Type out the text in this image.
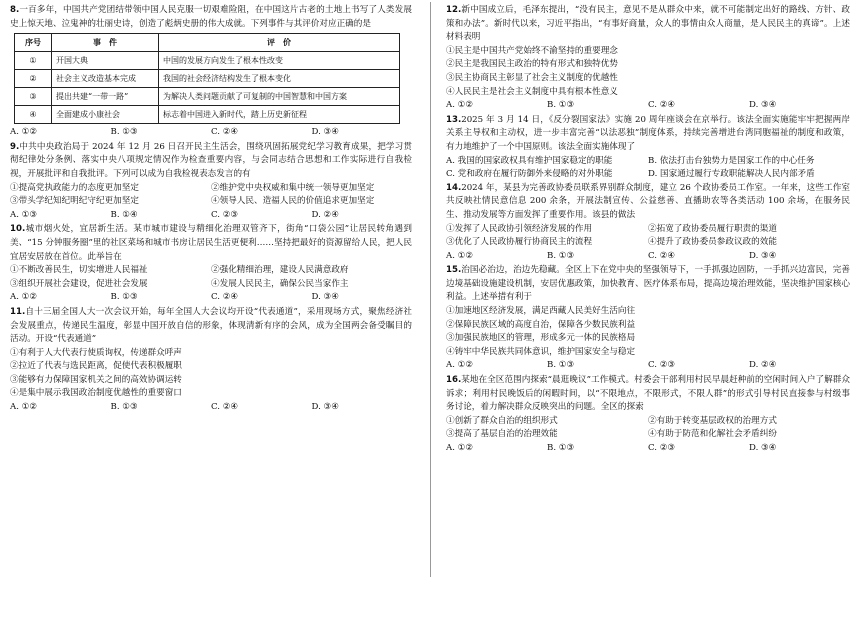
8.一百多年，中国共产党团结带领中国人民克服一切艰难险阻，在中国这片古老的土地上书写了人类发展史上惊天地、泣鬼神的壮丽史诗，创造了彪炳史册的伟大成就。下列事件与其评价对应正确的是

序号	事　件	评　价
①	开国大典	中国的发展方向发生了根本性改变
②	社会主义改造基本完成	我国的社会经济结构发生了根本变化
③	提出共建“一带一路”	为解决人类问题贡献了可复制的中国智慧和中国方案
④	全面建成小康社会	标志着中国进入新时代，踏上历史新征程
A. ①②	B. ①③	C. ②④	D. ③④

9.中共中央政治局于 2024 年 12 月 26 日召开民主生活会，围绕巩固拓展党纪学习教育成果，把学习贯彻纪律处分条例、落实中央八项规定情况作为检查重要内容，与会同志结合思想和工作实际进行自我检视，开展批评和自我批评。下列可以成为自我检视表态发言的有

①提高党执政能力的态度更加坚定	②维护党中央权威和集中统一领导更加坚定
③带头学纪知纪明纪守纪更加坚定	④领导人民、造福人民的价值追求更加坚定
A. ①③	B. ①④	C. ②③	D. ②④

10.城市烟火处，宜居新生活。某市城市建设与精细化治理双管齐下，街角“口袋公园”让居民转角遇到美、“15 分钟服务圈”里的社区菜场和城市书房让居民生活更便利……坚持把最好的资源留给人民，把人民宜居安居放在首位。此举旨在

①不断改善民生，切实增进人民福祉	②强化精细治理，建设人民满意政府
③组织开展社会建设，促进社会发展	④发展人民民主，确保公民当家作主
A. ①②	B. ①③	C. ②④	D. ③④

11.自十三届全国人大一次会议开始，每年全国人大会议均开设“代表通道”，采用现场方式，聚焦经济社会发展重点，传递民生温度，彰显中国开放自信的形象，体现清新有序的会风，成为全国两会备受瞩目的活动。开设“代表通道”

①有利于人大代表行使质询权，传递群众呼声

②拉近了代表与选民距离，促使代表积极履职

③能够有力保障国家机关之间的高效协调运转

④是集中展示我国政治制度优越性的重要窗口

A. ①②	B. ①③	C. ②④	D. ③④

12.新中国成立后，毛泽东提出，“没有民主，意见不是从群众中来，就不可能制定出好的路线、方针、政策和办法”。新时代以来，习近平指出，“有事好商量，众人的事情由众人商量，是人民民主的真谛”。上述材料表明

①民主是中国共产党始终不渝坚持的重要理念

②民主是我国民主政治的特有形式和独特优势

③民主协商民主彰显了社会主义制度的优越性

④人民民主是社会主义制度中具有根本性意义

A. ①②	B. ①③	C. ②④	D. ③④

13.2025 年 3 月 14 日，《反分裂国家法》实施 20 周年座谈会在京举行。该法全面实施能牢牢把握两岸关系主导权和主动权，进一步丰富完善“以法恶独”制度体系，持续完善增进台湾同胞福祉的制度和政策，有力地维护了一个中国原则。该法全面实施体现了

A. 我国的国家政权具有维护国家稳定的职能	B. 依法打击台独势力是国家工作的中心任务
C. 党和政府在履行防御外来侵略的对外职能	D. 国家通过履行专政职能解决人民内部矛盾

14.2024 年，某县为完善政协委员联系界别群众制度，建立 26 个政协委员工作室。一年来，这些工作室共反映社情民意信息 200 余条，开展法制宣传、公益慈善、直播助农等各类活动 100 余场，在服务民生、推动发展等方面发挥了重要作用。该县的做法

①发挥了人民政协引领经济发展的作用	②拓宽了政协委员履行职责的渠道
③优化了人民政协履行协商民主的流程	④提升了政协委员参政议政的效能
A. ①②	B. ①③	C. ②④	D. ③④

15.治国必治边，治边先稳藏。全区上下在党中央的坚强领导下，一手抓强边固防，一手抓兴边富民，完善边境基础设施建设机制，安居优惠政策，加快教育、医疗体系布局，提高边境治理效能，坚决维护国家核心利益。上述举措有利于

①加速地区经济发展，满足西藏人民美好生活向往

②保障民族区域的高度自治，保障各少数民族利益

③加强民族地区的管理，形成多元一体的民族格局

④铸牢中华民族共同体意识，维护国家安全与稳定

A. ①②	B. ①③	C. ②③	D. ②④

16.某地在全区范围内探索“晨逛晚议”工作模式。村委会干部利用村民早晨赶种前的空闲时间入户了解群众诉求；利用村民晚饭后的闲暇时间，以“不限地点，不限形式，不限人群”的形式引导村民直接参与村级事务讨论，着力解决群众反映突出的问题。全区的探索

①创新了群众自治的组织形式	②有助于转变基层政权的治理方式
③提高了基层自治的治理效能	④有助于防范和化解社会矛盾纠纷
A. ①②	B. ①③	C. ②③	D. ③④
